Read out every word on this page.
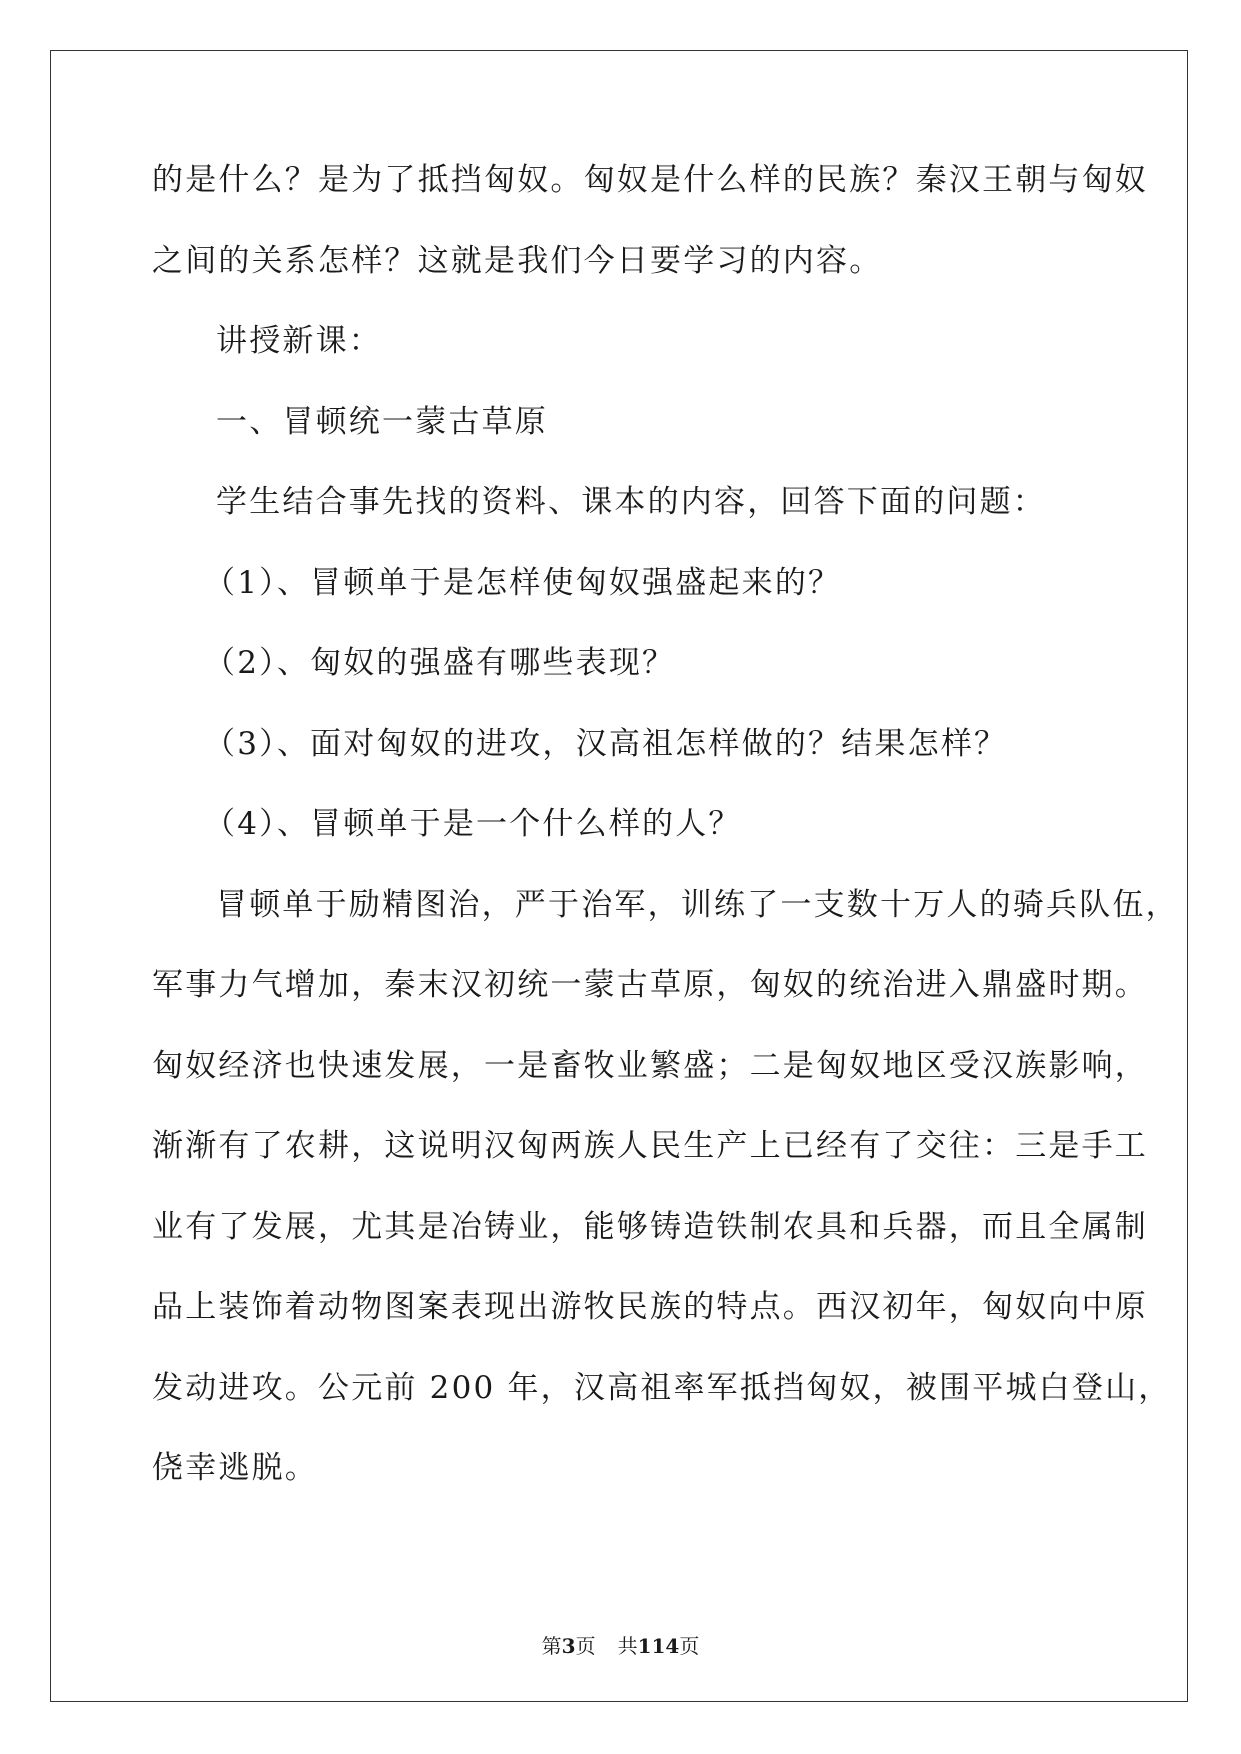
的是什么？是为了抵挡匈奴。匈奴是什么样的民族？秦汉王朝与匈奴
之间的关系怎样？这就是我们今日要学习的内容。
讲授新课：
一、冒顿统一蒙古草原
学生结合事先找的资料、课本的内容，回答下面的问题：
（1）、冒顿单于是怎样使匈奴强盛起来的？
（2）、匈奴的强盛有哪些表现？
（3）、面对匈奴的进攻，汉高祖怎样做的？结果怎样？
（4）、冒顿单于是一个什么样的人？
冒顿单于励精图治，严于治军，训练了一支数十万人的骑兵队伍，
军事力气增加，秦末汉初统一蒙古草原，匈奴的统治进入鼎盛时期。
匈奴经济也快速发展，一是畜牧业繁盛；二是匈奴地区受汉族影响，
渐渐有了农耕，这说明汉匈两族人民生产上已经有了交往：三是手工
业有了发展，尤其是冶铸业，能够铸造铁制农具和兵器，而且全属制
品上装饰着动物图案表现出游牧民族的特点。西汉初年，匈奴向中原
发动进攻。公元前 200 年，汉高祖率军抵挡匈奴，被围平城白登山，
侥幸逃脱。
第3页 共114页
